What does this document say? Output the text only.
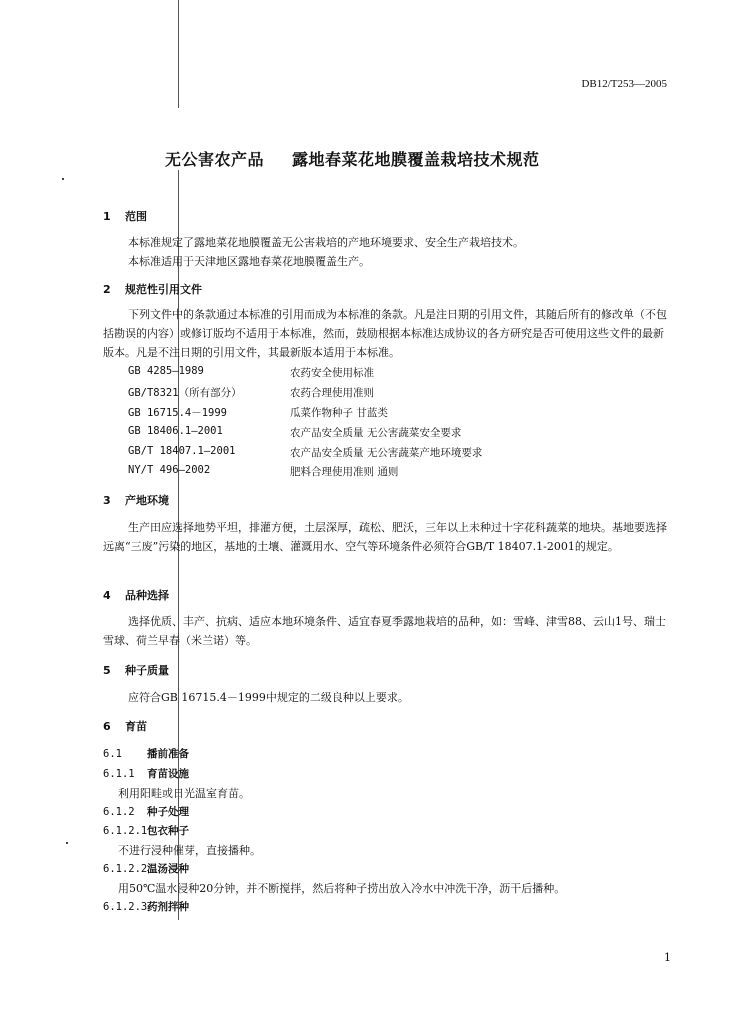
DB12/T253—2005
无公害农产品 露地春菜花地膜覆盖栽培技术规范
1 范围
本标准规定了露地菜花地膜覆盖无公害栽培的产地环境要求、安全生产栽培技术。
本标准适用于天津地区露地春菜花地膜覆盖生产。
2 规范性引用文件
下列文件中的条款通过本标准的引用而成为本标准的条款。凡是注日期的引用文件，其随后所有的修改单（不包括勘误的内容）或修订版均不适用于本标准，然而，鼓励根据本标准达成协议的各方研究是否可使用这些文件的最新版本。凡是不注日期的引用文件，其最新版本适用于本标准。
GB 4285—1989	农药安全使用标准
GB/T8321（所有部分）	农药合理使用准则
GB 16715.4－1999	瓜菜作物种子 甘蓝类
GB 18406.1—2001	农产品安全质量 无公害蔬菜安全要求
GB/T 18407.1—2001	农产品安全质量 无公害蔬菜产地环境要求
NY/T 496—2002	肥料合理使用准则 通则
3 产地环境
生产田应选择地势平坦，排灌方便，土层深厚，疏松、肥沃，三年以上未种过十字花科蔬菜的地块。基地要选择远离“三废”污染的地区，基地的土壤、灌溉用水、空气等环境条件必须符合GB/T 18407.1-2001的规定。
4 品种选择
选择优质、丰产、抗病、适应本地环境条件、适宜春夏季露地栽培的品种，如：雪峰、津雪88、云山1号、瑞士雪球、荷兰早春（米兰诺）等。
5 种子质量
应符合GB 16715.4－1999中规定的二级良种以上要求。
6 育苗
6.1 播前准备
6.1.1 育苗设施
利用阳畦或日光温室育苗。
6.1.2 种子处理
6.1.2.1包衣种子
不进行浸种催芽，直接播种。
6.1.2.2温汤浸种
用50℃温水浸种20分钟，并不断搅拌，然后将种子捞出放入冷水中冲洗干净，沥干后播种。
6.1.2.3药剂拌种
1
